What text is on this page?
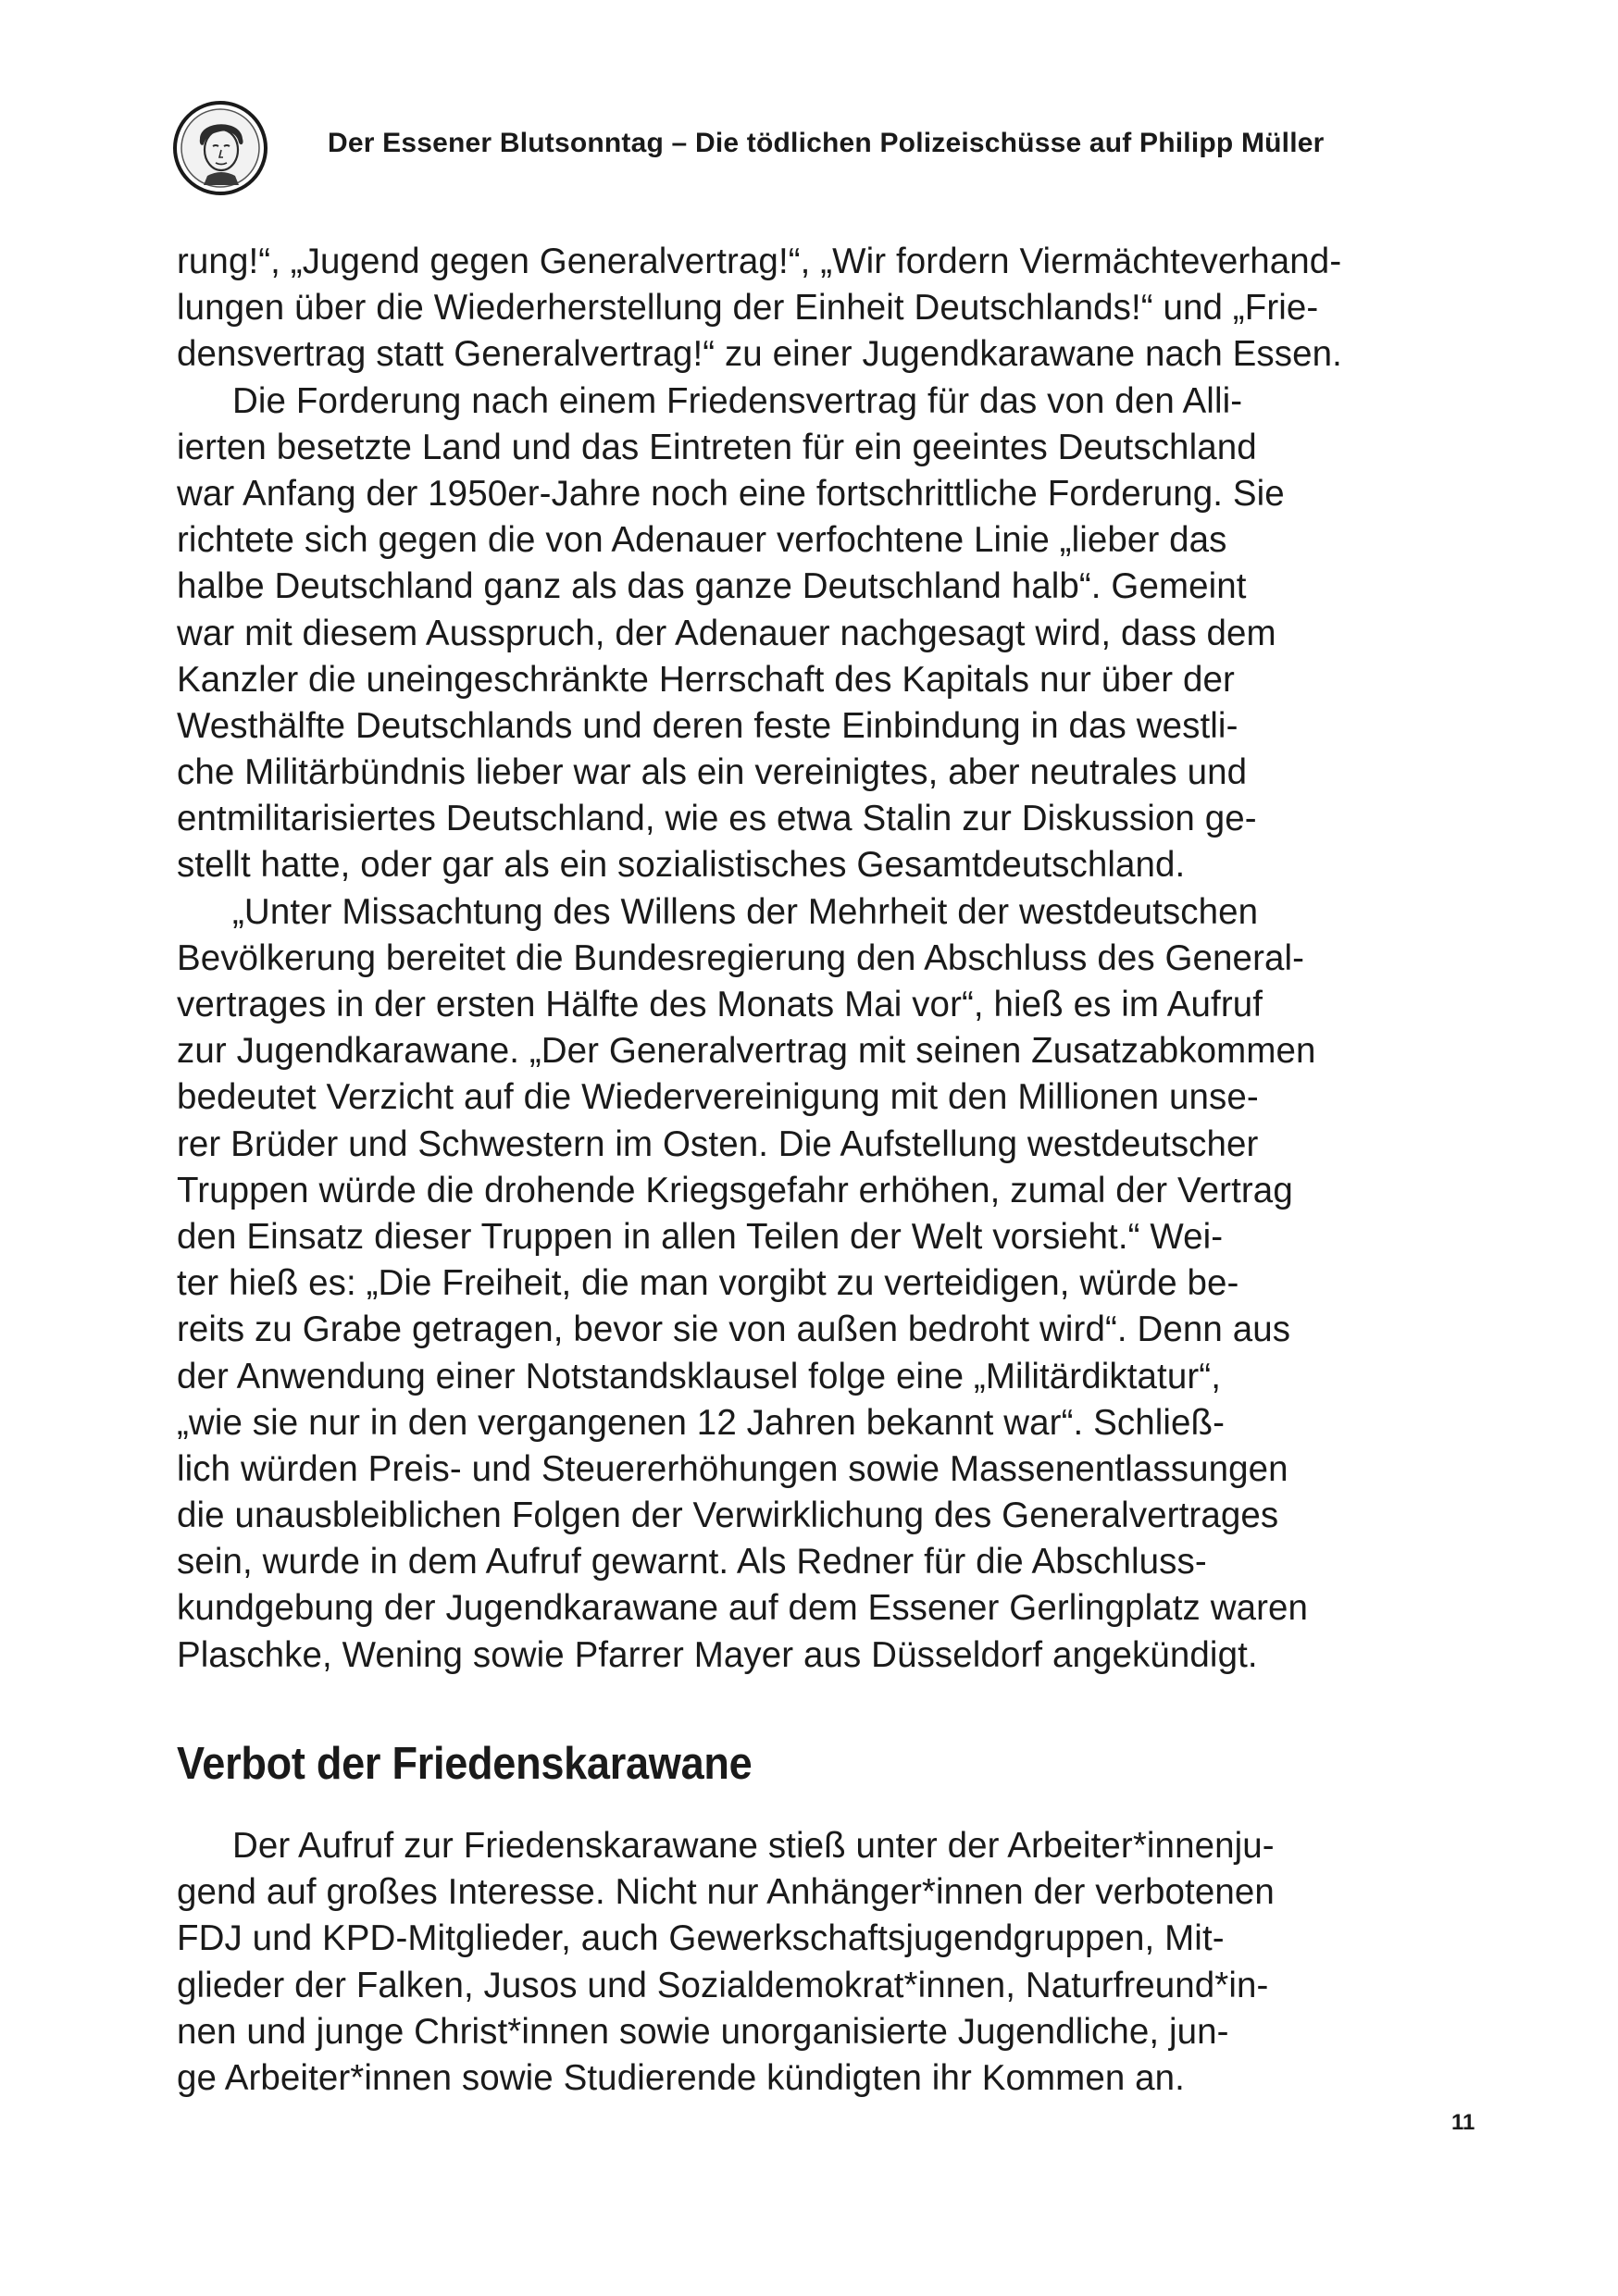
Der Essener Blutsonntag – Die tödlichen Polizeischüsse auf Philipp Müller
rung!“, „Jugend gegen Generalvertrag!“, „Wir fordern Viermächteverhand-
lungen über die Wiederherstellung der Einheit Deutschlands!“ und „Frie-
densvertrag statt Generalvertrag!“ zu einer Jugendkarawane nach Essen.
Die Forderung nach einem Friedensvertrag für das von den Alli-
ierten besetzte Land und das Eintreten für ein geeintes Deutschland
war Anfang der 1950er-Jahre noch eine fortschrittliche Forderung. Sie
richtete sich gegen die von Adenauer verfochtene Linie „lieber das
halbe Deutschland ganz als das ganze Deutschland halb“. Gemeint
war mit diesem Ausspruch, der Adenauer nachgesagt wird, dass dem
Kanzler die uneingeschränkte Herrschaft des Kapitals nur über der
Westhälfte Deutschlands und deren feste Einbindung in das westli-
che Militärbündnis lieber war als ein vereinigtes, aber neutrales und
entmilitarisiertes Deutschland, wie es etwa Stalin zur Diskussion ge-
stellt hatte, oder gar als ein sozialistisches Gesamtdeutschland.
„Unter Missachtung des Willens der Mehrheit der westdeutschen
Bevölkerung bereitet die Bundesregierung den Abschluss des General-
vertrages in der ersten Hälfte des Monats Mai vor“, hieß es im Aufruf
zur Jugendkarawane. „Der Generalvertrag mit seinen Zusatzabkommen
bedeutet Verzicht auf die Wiedervereinigung mit den Millionen unse-
rer Brüder und Schwestern im Osten. Die Aufstellung westdeutscher
Truppen würde die drohende Kriegsgefahr erhöhen, zumal der Vertrag
den Einsatz dieser Truppen in allen Teilen der Welt vorsieht.“ Wei-
ter hieß es: „Die Freiheit, die man vorgibt zu verteidigen, würde be-
reits zu Grabe getragen, bevor sie von außen bedroht wird“. Denn aus
der Anwendung einer Notstandsklausel folge eine „Militärdiktatur“,
„wie sie nur in den vergangenen 12 Jahren bekannt war“. Schließ-
lich würden Preis- und Steuererhöhungen sowie Massenentlassungen
die unausbleiblichen Folgen der Verwirklichung des Generalvertrages
sein, wurde in dem Aufruf gewarnt. Als Redner für die Abschluss-
kundgebung der Jugendkarawane auf dem Essener Gerlingplatz waren
Plaschke, Wening sowie Pfarrer Mayer aus Düsseldorf angekündigt.
Verbot der Friedenskarawane
Der Aufruf zur Friedenskarawane stieß unter der Arbeiter*innenju-
gend auf großes Interesse. Nicht nur Anhänger*innen der verbotenen
FDJ und KPD-Mitglieder, auch Gewerkschaftsjugendgruppen, Mit-
glieder der Falken, Jusos und Sozialdemokrat*innen, Naturfreund*in-
nen und junge Christ*innen sowie unorganisierte Jugendliche, jun-
ge Arbeiter*innen sowie Studierende kündigten ihr Kommen an.
11
